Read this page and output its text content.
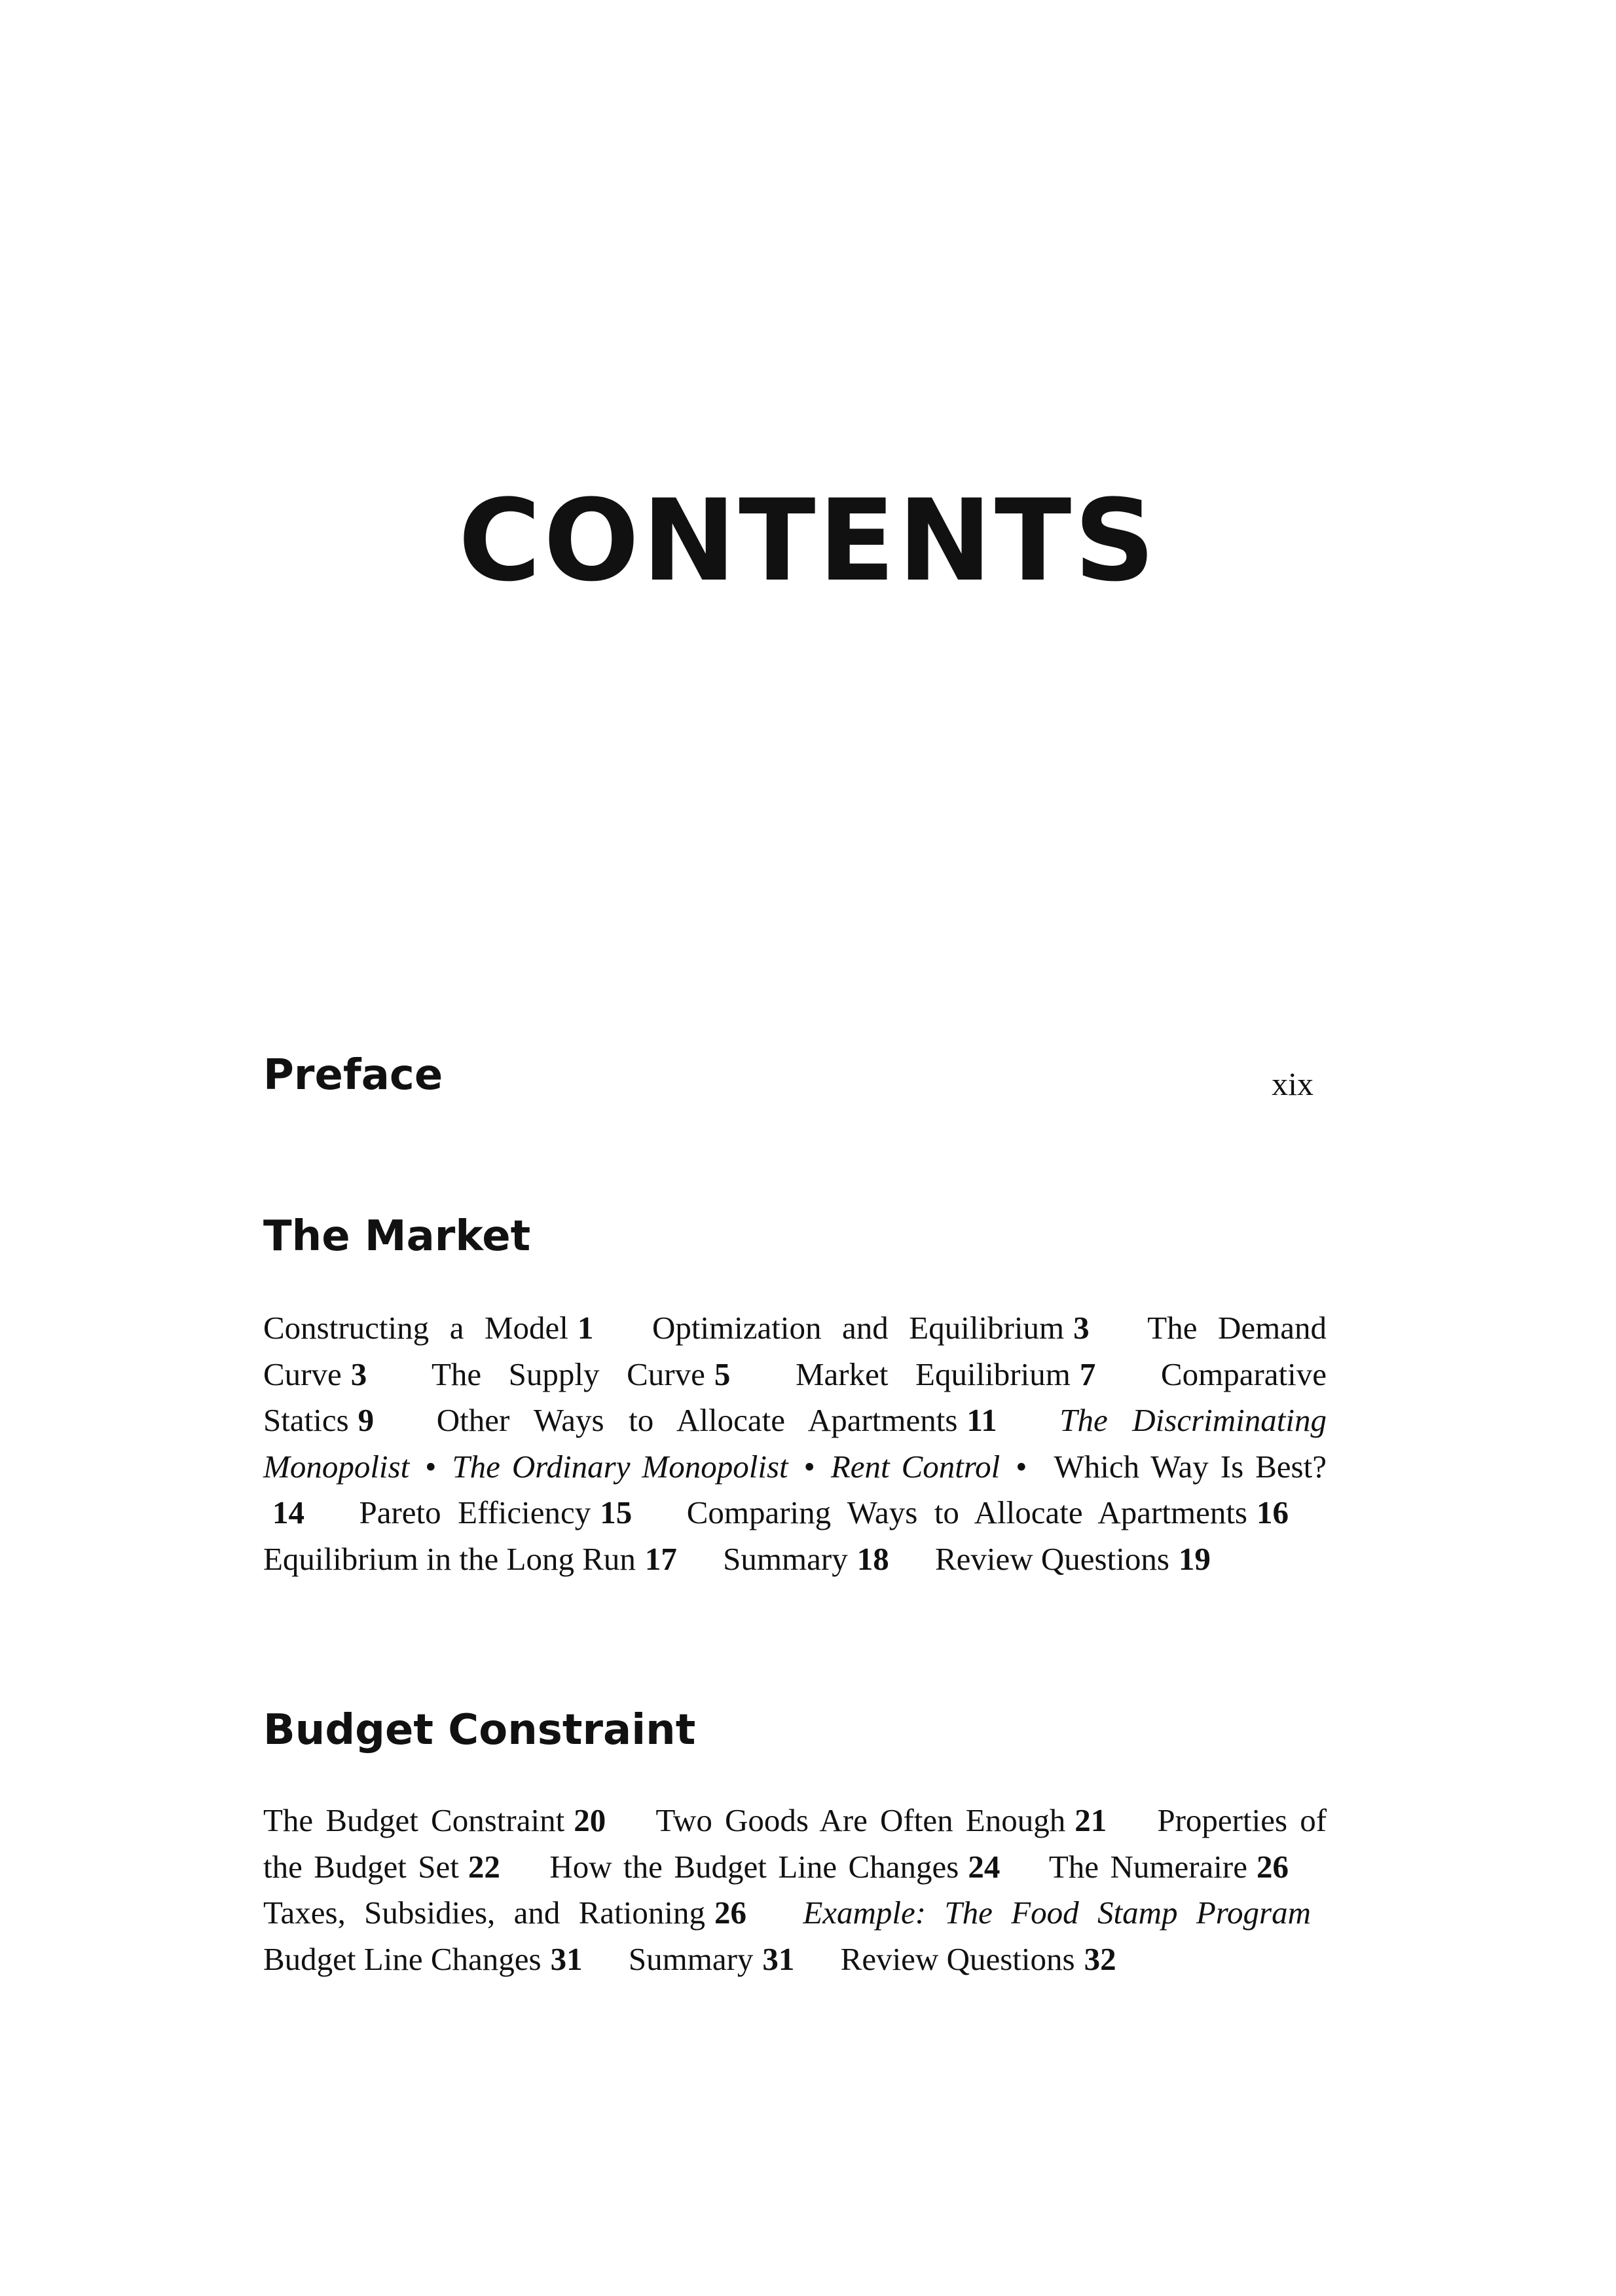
CONTENTS
Preface	xix
The Market

Constructing a Model 1 Optimization and Equilibrium 3 The Demand Curve 3 The Supply Curve 5 Market Equilibrium 7 Comparative Statics 9 Other Ways to Allocate Apartments 11 The Discriminating Monopolist • The Ordinary Monopolist • Rent Control • Which Way Is Best?14 Pareto Efficiency 15 Comparing Ways to Allocate Apartments 16 Equilibrium in the Long Run 17 Summary 18 Review Questions 19

Budget Constraint

The Budget Constraint 20 Two Goods Are Often Enough 21 Properties of the Budget Set 22 How the Budget Line Changes 24 The Numeraire 26 Taxes, Subsidies, and Rationing 26 Example: The Food Stamp Program Budget Line Changes 31 Summary 31 Review Questions 32
